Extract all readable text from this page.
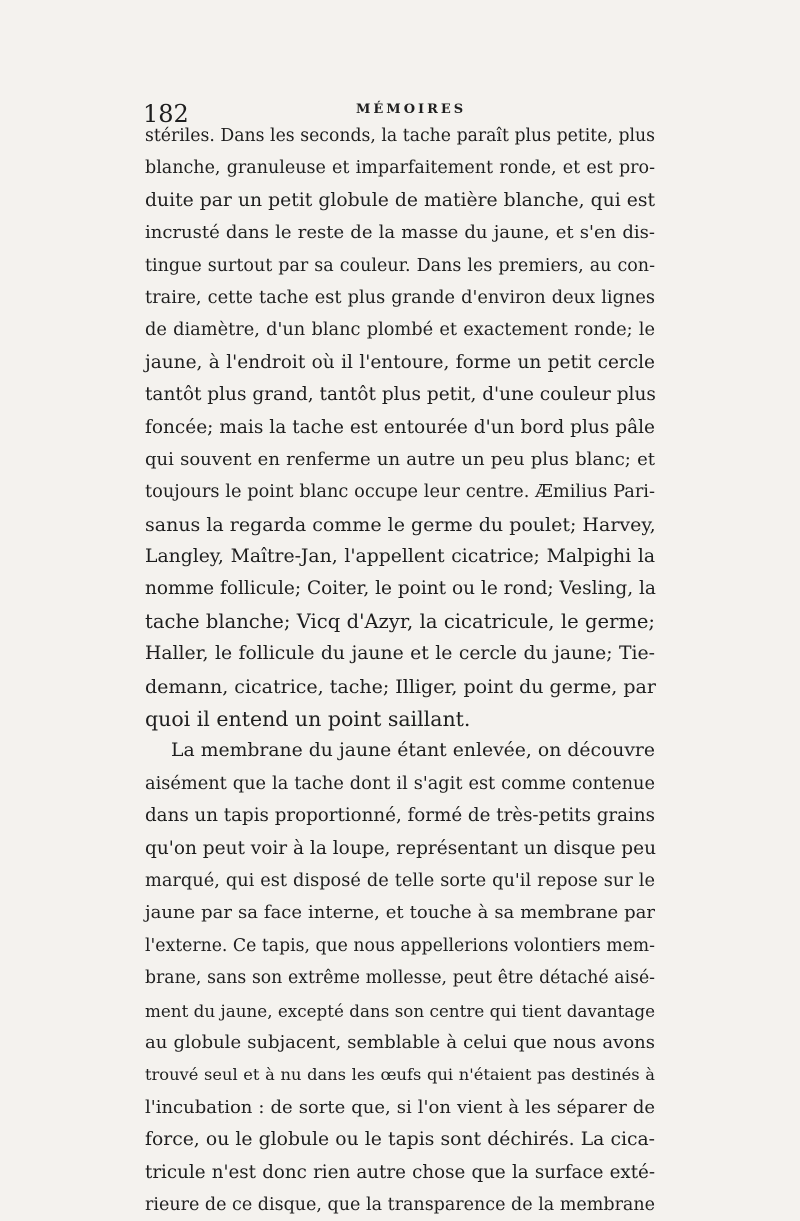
182	MÉMOIRES
stériles. Dans les seconds, la tache paraît plus petite, plus
blanche, granuleuse et imparfaitement ronde, et est pro-
duite par un petit globule de matière blanche, qui est
incrusté dans le reste de la masse du jaune, et s'en dis-
tingue surtout par sa couleur. Dans les premiers, au con-
traire, cette tache est plus grande d'environ deux lignes
de diamètre, d'un blanc plombé et exactement ronde; le
jaune, à l'endroit où il l'entoure, forme un petit cercle
tantôt plus grand, tantôt plus petit, d'une couleur plus
foncée; mais la tache est entourée d'un bord plus pâle
qui souvent en renferme un autre un peu plus blanc; et
toujours le point blanc occupe leur centre. Æmilius Pari-
sanus la regarda comme le germe du poulet; Harvey,
Langley, Maître-Jan, l'appellent cicatrice; Malpighi la
nomme follicule; Coiter, le point ou le rond; Vesling, la
tache blanche; Vicq d'Azyr, la cicatricule, le germe;
Haller, le follicule du jaune et le cercle du jaune; Tie-
demann, cicatrice, tache; Illiger, point du germe, par
quoi il entend un point saillant.
La membrane du jaune étant enlevée, on découvre
aisément que la tache dont il s'agit est comme contenue
dans un tapis proportionné, formé de très-petits grains
qu'on peut voir à la loupe, représentant un disque peu
marqué, qui est disposé de telle sorte qu'il repose sur le
jaune par sa face interne, et touche à sa membrane par
l'externe. Ce tapis, que nous appellerions volontiers mem-
brane, sans son extrême mollesse, peut être détaché aisé-
ment du jaune, excepté dans son centre qui tient davantage
au globule subjacent, semblable à celui que nous avons
trouvé seul et à nu dans les œufs qui n'étaient pas destinés à
l'incubation : de sorte que, si l'on vient à les séparer de
force, ou le globule ou le tapis sont déchirés. La cica-
tricule n'est donc rien autre chose que la surface exté-
rieure de ce disque, que la transparence de la membrane
